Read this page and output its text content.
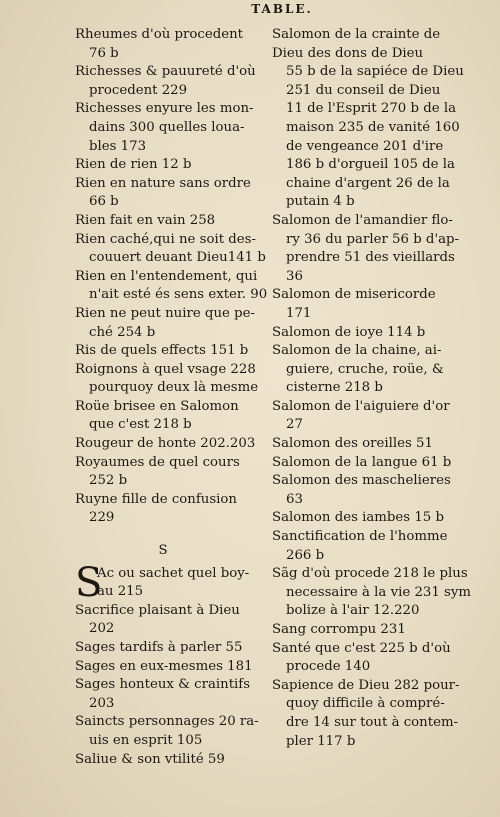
TABLE.
Rheumes d'où procedent
76 b
Richesses & pauureté d'où
procedent 229
Richesses enyure les mon-
dains 300 quelles loua-
bles 173
Rien de rien 12 b
Rien en nature sans ordre
66 b
Rien fait en vain 258
Rien caché,qui ne soit des-
couuert deuant Dieu141 b
Rien en l'entendement, qui
n'ait esté és sens exter. 90
Rien ne peut nuire que pe-
ché 254 b
Ris de quels effects 151 b
Roignons à quel vsage 228
pourquoy deux là mesme
Roüe brisee en Salomon
que c'est 218 b
Rougeur de honte 202.203
Royaumes de quel cours
252 b
Ruyne fille de confusion
229
S
S
Ac ou sachet quel boy-
au 215
Sacrifice plaisant à Dieu
202
Sages tardifs à parler 55
Sages en eux-mesmes 181
Sages honteux & craintifs
203
Saincts personnages 20 ra-
uis en esprit 105
Saliue & son vtilité 59
Salomon de la crainte de
Dieu des dons de Dieu
55 b de la sapiéce de Dieu
251 du conseil de Dieu
11 de l'Esprit 270 b de la
maison 235 de vanité 160
de vengeance 201 d'ire
186 b d'orgueil 105 de la
chaine d'argent 26 de la
putain 4 b
Salomon de l'amandier flo-
ry 36 du parler 56 b d'ap-
prendre 51 des vieillards
36
Salomon de misericorde
171
Salomon de ioye 114 b
Salomon de la chaine, ai-
guiere, cruche, roüe, &
cisterne 218 b
Salomon de l'aiguiere d'or
27
Salomon des oreilles 51
Salomon de la langue 61 b
Salomon des maschelieres
63
Salomon des iambes 15 b
Sanctification de l'homme
266 b
Sãg d'où procede 218 le plus
necessaire à la vie 231 sym
bolize à l'air 12.220
Sang corrompu 231
Santé que c'est 225 b d'où
procede 140
Sapience de Dieu 282 pour-
quoy difficile à compré-
dre 14 sur tout à contem-
pler 117 b
